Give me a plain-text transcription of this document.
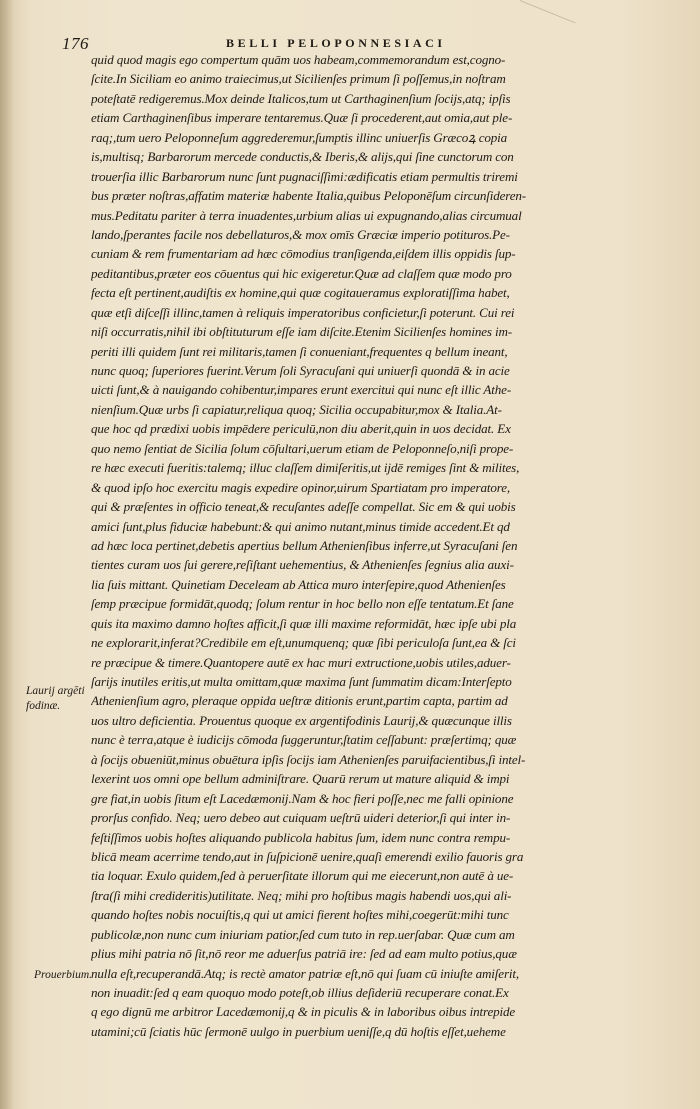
176	BELLI PELOPONNESIACI
Laurij argēti
fodinæ.
Prouerbium.
quid quod magis ego compertum quām uos habeam,commemorandum est,cogno⁠-
ſcite.In Siciliam eo animo traiecimus,ut Sicilienſes primum ſi poſſemus,in noſtram
poteſtatē redigeremus.Mox deinde Italicos,tum ut Carthaginenſium ſocijs,atq; ipſis
etiam Carthaginenſibus imperare tentaremus.Quæ ſi procederent,aut omia,aut ple⁠-
raq;,tum uero Peloponneſum aggrederemur,ſumptis illinc uniuerſis Græcoꝝ copia
is,multisq; Barbarorum mercede conductis,& Iberis,& alijs,qui ſine cunctorum con
trouerſia illic Barbarorum nunc ſunt pugnaciſſimi:ædificatis etiam permultis triremi
bus præter noſtras,affatim materiæ habente Italia,quibus Peloponēſum circunſideren⁠-
mus.Peditatu pariter à terra inuadentes,urbium alias ui expugnando,alias circumual
lando,ſperantes facile nos debellaturos,& mox omīs Græciæ imperio potituros.Pe⁠-
cuniam & rem frumentariam ad hæc cōmodius tranſigenda,eiſdem illis oppidis ſup⁠-
peditantibus,præter eos cōuentus qui hic exigeretur.Quæ ad claſſem quæ modo pro
fecta eſt pertinent,audiſtis ex homine,qui quæ cogitaueramus exploratiſſima habet,
quæ etſi diſceſſi illinc,tamen à reliquis imperatoribus conficietur,ſi poterunt. Cui rei
niſi occurratis,nihil ibi obſtituturum eſſe iam diſcite.Etenim Sicilienſes homines im⁠-
periti illi quidem ſunt rei militaris,tamen ſi conueniant,frequentes q bellum ineant,
nunc quoq; ſuperiores fuerint.Verum ſoli Syracuſani qui uniuerſi quondā & in acie
uicti ſunt,& à nauigando cohibentur,impares erunt exercitui qui nunc eſt illic Athe⁠-
nienſium.Quæ urbs ſi capiatur,reliqua quoq; Sicilia occupabitur,mox & Italia.At⁠-
que hoc qd prædixi uobis impēdere periculū,non diu aberit,quin in uos decidat. Ex
quo nemo ſentiat de Sicilia ſolum cōſultari,uerum etiam de Peloponneſo,niſi prope⁠-
re hæc executi fueritis:talemq; illuc claſſem dimiſeritis,ut ijdē remiges ſint & milites,
& quod ipſo hoc exercitu magis expedire opinor,uirum Spartiatam pro imperatore,
qui & præſentes in officio teneat,& recuſantes adeſſe compellat. Sic em & qui uobis
amici ſunt,plus fiduciæ habebunt:& qui animo nutant,minus timide accedent.Et qd
ad hæc loca pertinet,debetis apertius bellum Athenienſibus inferre,ut Syracuſani ſen
tientes curam uos ſui gerere,reſiſtant uehementius, & Athenienſes ſegnius alia auxi⁠-
lia ſuis mittant. Quinetiam Deceleam ab Attica muro interſepire,quod Athenienſes
ſemp præcipue formidāt,quodq; ſolum rentur in hoc bello non eſſe tentatum.Et ſane
quis ita maximo damno hoſtes afficit,ſi quæ illi maxime reformidāt, hæc ipſe ubi pla
ne explorarit,inferat?Credibile em eſt,unumquenq; quæ ſibi periculoſa ſunt,ea & ſci
re præcipue & timere.Quantopere autē ex hac muri extructione,uobis utiles,aduer⁠-
ſarijs inutiles eritis,ut multa omittam,quæ maxima ſunt ſummatim dicam:Interſepto
Athenienſium agro, pleraque oppida ueſtræ ditionis erunt,partim capta, partim ad
uos ultro deficientia. Prouentus quoque ex argentifodinis Laurij,& quæcunque illis
nunc è terra,atque è iudicijs cōmoda ſuggeruntur,ſtatim ceſſabunt: præſertimq; quæ
à ſocijs obueniūt,minus obuētura ipſis ſocijs iam Athenienſes paruifacientibus,ſi intel⁠-
lexerint uos omni ope bellum adminiſtrare. Quarū rerum ut mature aliquid & impi
gre fiat,in uobis ſitum eſt Lacedæmonij.Nam & hoc fieri poſſe,nec me falli opinione
prorſus confido. Neq; uero debeo aut cuiquam ueſtrū uideri deterior,ſi qui inter in⁠-
feſtiſſimos uobis hoſtes aliquando publicola habitus ſum, idem nunc contra rempu⁠-
blicā meam acerrime tendo,aut in ſuſpicionē uenire,quaſi emerendi exilio fauoris gra
tia loquar. Exulo quidem,ſed à peruerſitate illorum qui me eiecerunt,non autē à ue⁠-
ſtra(ſi mihi credideritis)utilitate. Neq; mihi pro hoſtibus magis habendi uos,qui ali⁠-
quando hoſtes nobis nocuiſtis,q qui ut amici fierent hoſtes mihi,coegerūt:mihi tunc
publicolæ,non nunc cum iniuriam patior,ſed cum tuto in rep.uerſabar. Quæ cum am
plius mihi patria nō ſit,nō reor me aduerſus patriā ire: ſed ad eam multo potius,quæ
nulla eſt,recuperandā.Atq; is rectè amator patriæ eſt,nō qui ſuam cū iniuſte amiſerit,
non inuadit:ſed q eam quoquo modo poteſt,ob illius deſideriū recuperare conat.Ex
q ego dignū me arbitror Lacedæmonij,q & in piculis & in laboribus oibus intrepide
utamini;cū ſciatis hūc ſermonē uulgo in puerbium ueniſſe,q dū hoſtis eſſet,ueheme
